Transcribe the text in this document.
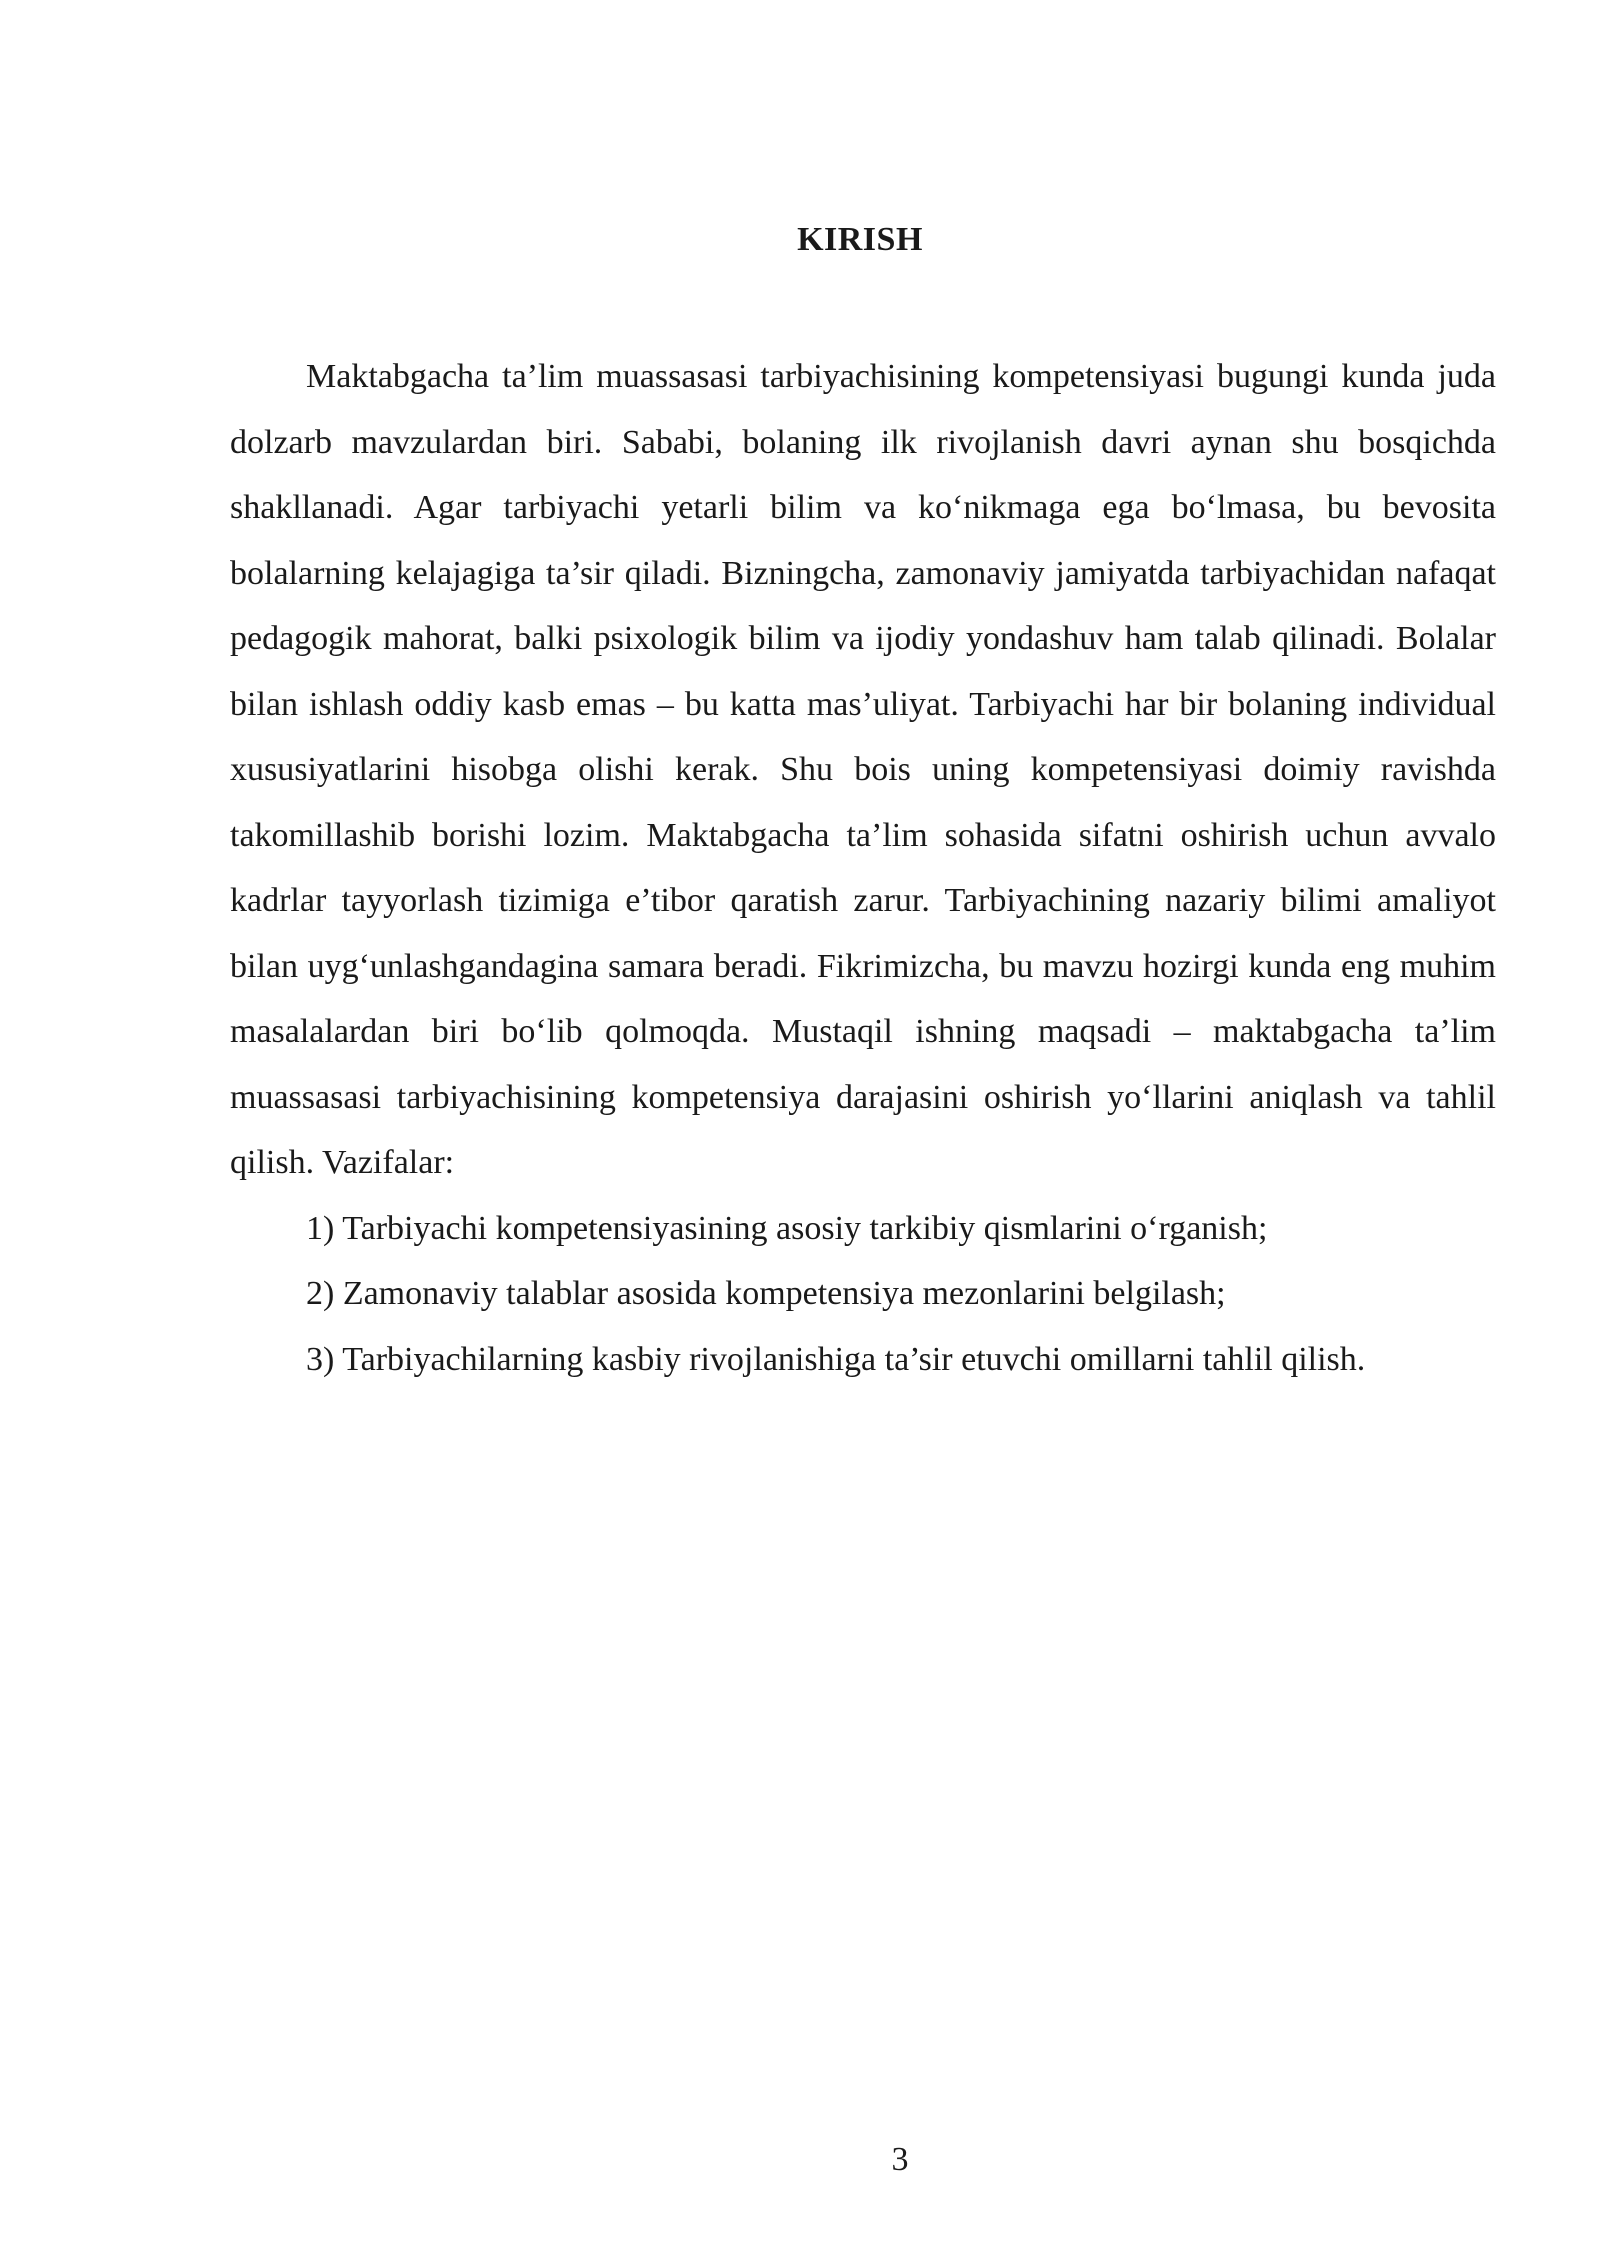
KIRISH

Maktabgacha ta’lim muassasasi tarbiyachisining kompetensiyasi bugungi kunda juda dolzarb mavzulardan biri. Sababi, bolaning ilk rivojlanish davri aynan shu bosqichda shakllanadi. Agar tarbiyachi yetarli bilim va ko‘nikmaga ega bo‘lmasa, bu bevosita bolalarning kelajagiga ta’sir qiladi. Bizningcha, zamonaviy jamiyatda tarbiyachidan nafaqat pedagogik mahorat, balki psixologik bilim va ijodiy yondashuv ham talab qilinadi. Bolalar bilan ishlash oddiy kasb emas – bu katta mas’uliyat. Tarbiyachi har bir bolaning individual xususiyatlarini hisobga olishi kerak. Shu bois uning kompetensiyasi doimiy ravishda takomillashib borishi lozim. Maktabgacha ta’lim sohasida sifatni oshirish uchun avvalo kadrlar tayyorlash tizimiga e’tibor qaratish zarur. Tarbiyachining nazariy bilimi amaliyot bilan uyg‘unlashgandagina samara beradi. Fikrimizcha, bu mavzu hozirgi kunda eng muhim masalalardan biri bo‘lib qolmoqda. Mustaqil ishning maqsadi – maktabgacha ta’lim muassasasi tarbiyachisining kompetensiya darajasini oshirish yo‘llarini aniqlash va tahlil qilish. Vazifalar:

1) Tarbiyachi kompetensiyasining asosiy tarkibiy qismlarini o‘rganish;
2) Zamonaviy talablar asosida kompetensiya mezonlarini belgilash;
3) Tarbiyachilarning kasbiy rivojlanishiga ta’sir etuvchi omillarni tahlil qilish.
3
